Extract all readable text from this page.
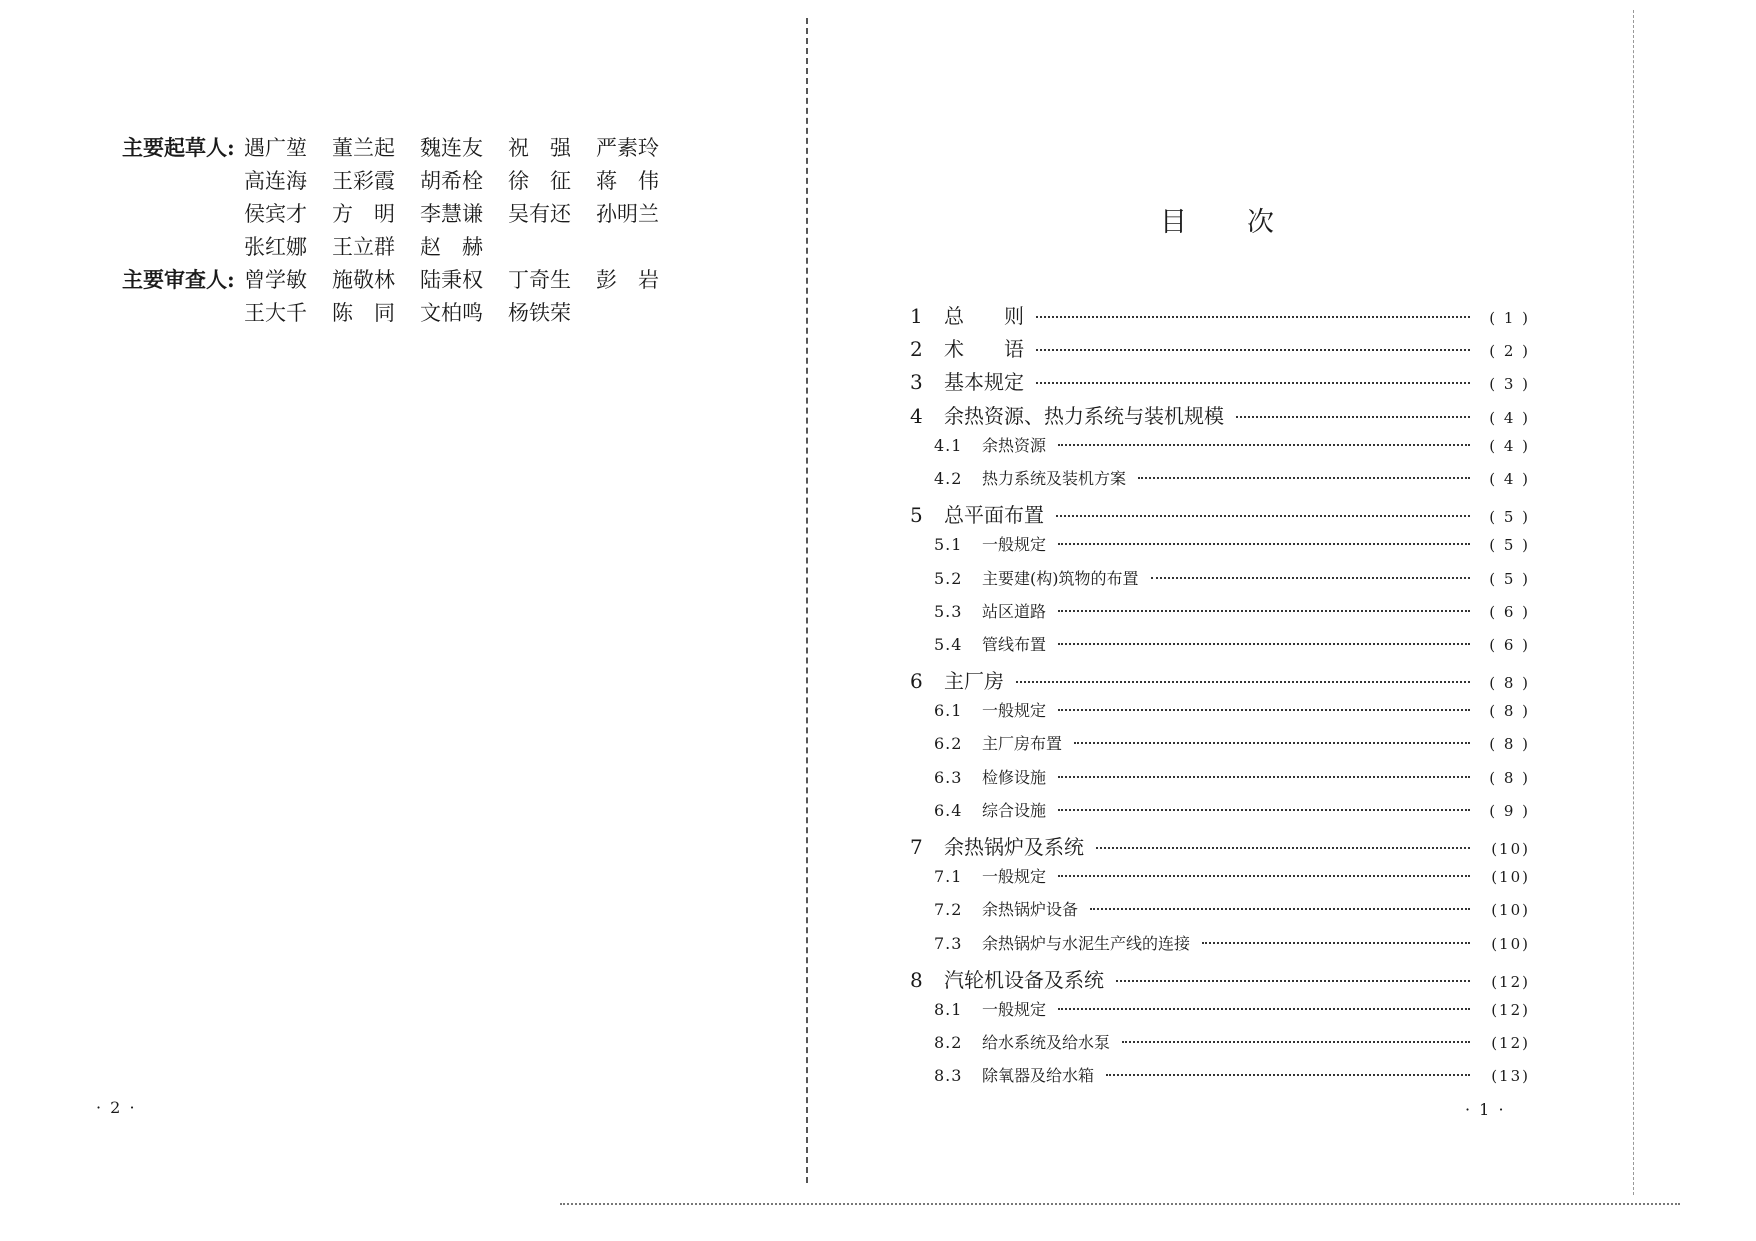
主要起草人: 遇广堃	董兰起	魏连友	祝　强	严素玲
高连海	王彩霞	胡希栓	徐　征	蒋　伟
侯宾才	方　明	李慧谦	吴有还	孙明兰
张红娜	王立群	赵　赫
主要审查人: 曾学敏	施敬林	陆秉权	丁奇生	彭　岩
王大千	陈　同	文柏鸣	杨铁荣
· 2 ·
目次
1	总　　则	( 1 )
2	术　　语	( 2 )
3	基本规定	( 3 )
4	余热资源、热力系统与装机规模	( 4 )
4.1	余热资源	( 4 )
4.2	热力系统及装机方案	( 4 )
5	总平面布置	( 5 )
5.1	一般规定	( 5 )
5.2	主要建(构)筑物的布置	( 5 )
5.3	站区道路	( 6 )
5.4	管线布置	( 6 )
6	主厂房	( 8 )
6.1	一般规定	( 8 )
6.2	主厂房布置	( 8 )
6.3	检修设施	( 8 )
6.4	综合设施	( 9 )
7	余热锅炉及系统	(10)
7.1	一般规定	(10)
7.2	余热锅炉设备	(10)
7.3	余热锅炉与水泥生产线的连接	(10)
8	汽轮机设备及系统	(12)
8.1	一般规定	(12)
8.2	给水系统及给水泵	(12)
8.3	除氧器及给水箱	(13)
· 1 ·
